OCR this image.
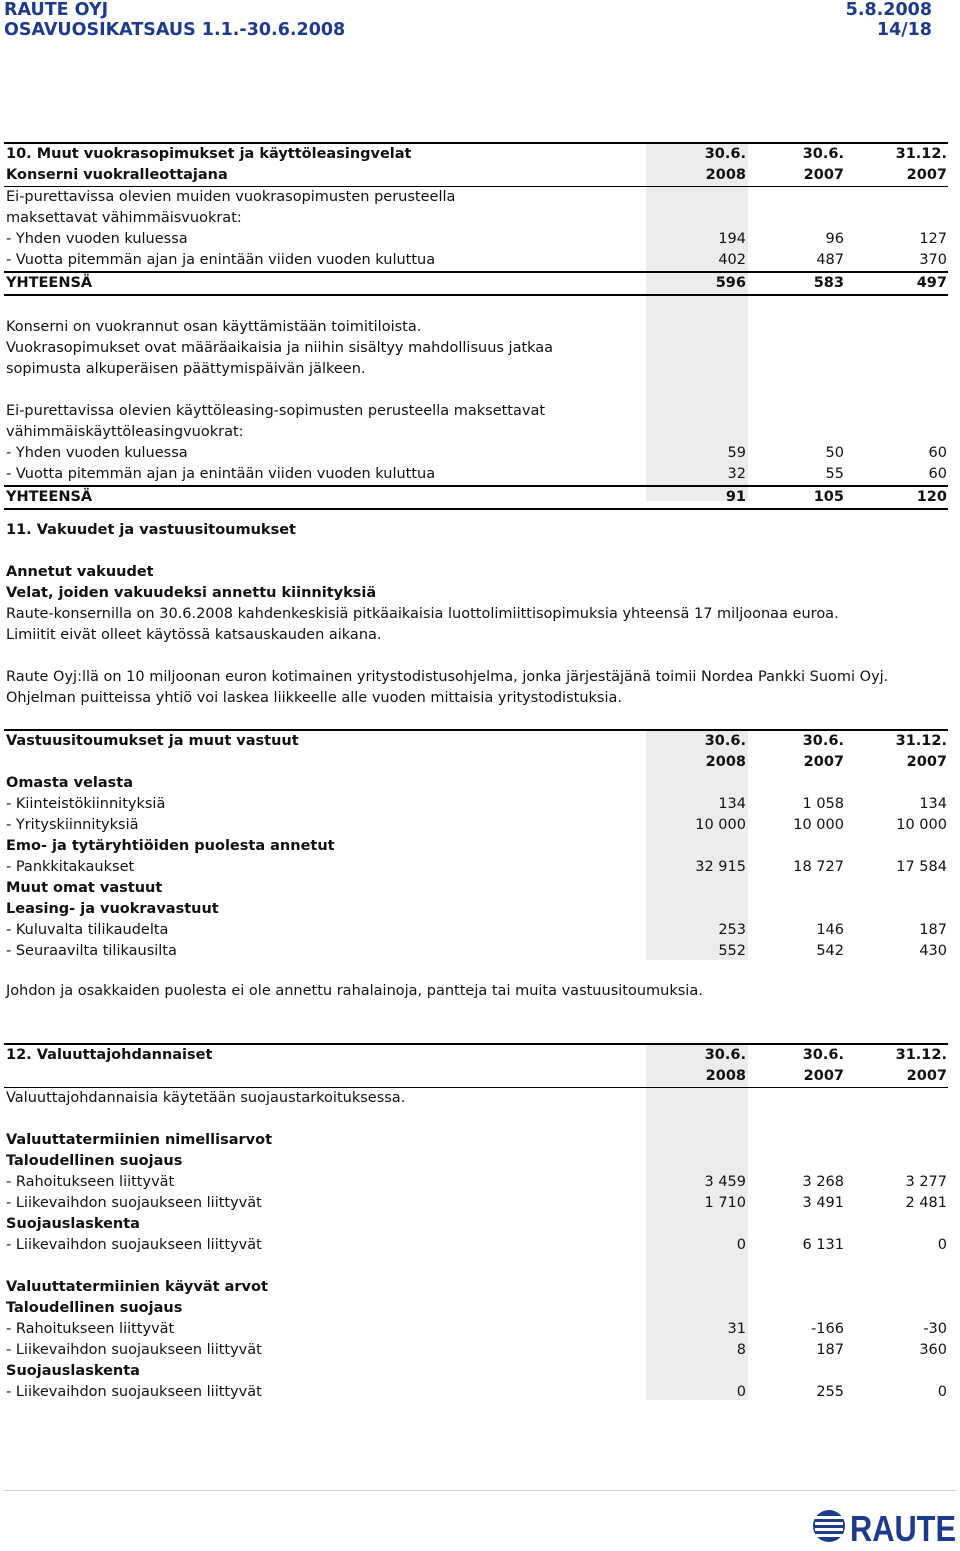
RAUTE OYJ	5.8.2008
OSAVUOSIKATSAUS 1.1.-30.6.2008	14/18
10. Muut vuokrasopimukset ja käyttöleasingvelat	30.6.	30.6.	31.12.
Konserni vuokralleottajana	2008	2007	2007
Ei-purettavissa olevien muiden vuokrasopimusten perusteella
maksettavat vähimmäisvuokrat:
- Yhden vuoden kuluessa	194	96	127
- Vuotta pitemmän ajan ja enintään viiden vuoden kuluttua	402	487	370
YHTEENSÄ	596	583	497
Konserni on vuokrannut osan käyttämistään toimitiloista.
Vuokrasopimukset ovat määräaikaisia ja niihin sisältyy mahdollisuus jatkaa
sopimusta alkuperäisen päättymispäivän jälkeen.
Ei-purettavissa olevien käyttöleasing-sopimusten perusteella maksettavat
vähimmäiskäyttöleasingvuokrat:
- Yhden vuoden kuluessa	59	50	60
- Vuotta pitemmän ajan ja enintään viiden vuoden kuluttua	32	55	60
YHTEENSÄ	91	105	120
11. Vakuudet ja vastuusitoumukset
Annetut vakuudet
Velat, joiden vakuudeksi annettu kiinnityksiä
Raute-konsernilla on 30.6.2008 kahdenkeskisiä pitkäaikaisia luottolimiittisopimuksia yhteensä 17 miljoonaa euroa.
Limiitit eivät olleet käytössä katsauskauden aikana.
Raute Oyj:llä on 10 miljoonan euron kotimainen yritystodistusohjelma, jonka järjestäjänä toimii Nordea Pankki Suomi Oyj.
Ohjelman puitteissa yhtiö voi laskea liikkeelle alle vuoden mittaisia yritystodistuksia.
Vastuusitoumukset ja muut vastuut	30.6.	30.6.	31.12.
2008	2007	2007
Omasta velasta
- Kiinteistökiinnityksiä	134	1 058	134
- Yrityskiinnityksiä	10 000	10 000	10 000
Emo- ja tytäryhtiöiden puolesta annetut
- Pankkitakaukset	32 915	18 727	17 584
Muut omat vastuut
Leasing- ja vuokravastuut
- Kuluvalta tilikaudelta	253	146	187
- Seuraavilta tilikausilta	552	542	430
Johdon ja osakkaiden puolesta ei ole annettu rahalainoja, pantteja tai muita vastuusitoumuksia.
12. Valuuttajohdannaiset	30.6.	30.6.	31.12.
2008	2007	2007
Valuuttajohdannaisia käytetään suojaustarkoituksessa.
Valuuttatermiinien nimellisarvot
Taloudellinen suojaus
- Rahoitukseen liittyvät	3 459	3 268	3 277
- Liikevaihdon suojaukseen liittyvät	1 710	3 491	2 481
Suojauslaskenta
- Liikevaihdon suojaukseen liittyvät	0	6 131	0
Valuuttatermiinien käyvät arvot
Taloudellinen suojaus
- Rahoitukseen liittyvät	31	-166	-30
- Liikevaihdon suojaukseen liittyvät	8	187	360
Suojauslaskenta
- Liikevaihdon suojaukseen liittyvät	0	255	0
RAUTE
